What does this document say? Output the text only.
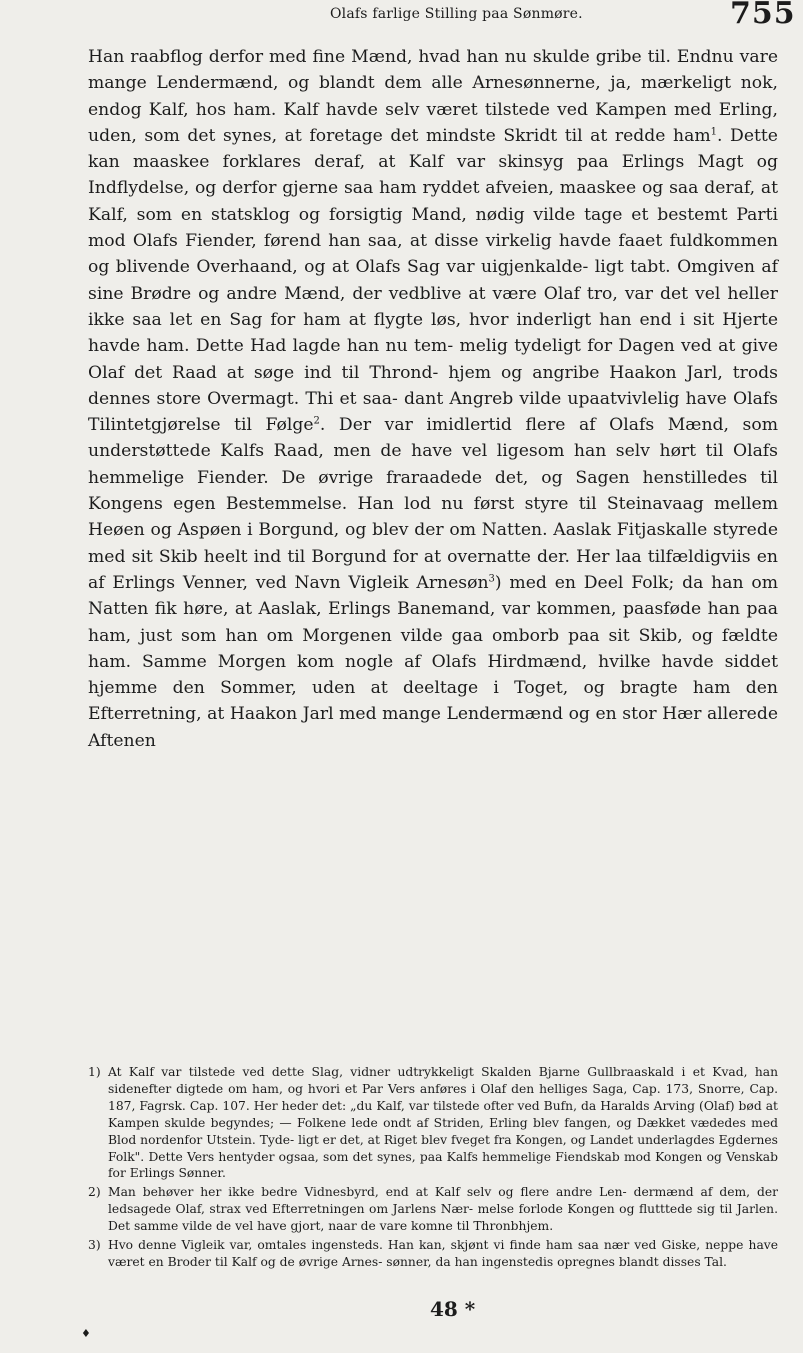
Olafs farlige Stilling paa Sønmøre.	755

Han raabflog derfor med fine Mænd, hvad han nu skulde gribe til. Endnu vare mange Lendermænd, og blandt dem alle Arnesønnerne, ja, mærkeligt nok, endog Kalf, hos ham. Kalf havde selv været tilstede ved Kampen med Erling, uden, som det synes, at foretage det mindste Skridt til at redde ham$^1$. Dette kan maaskee forklares deraf, at Kalf var skinsyg paa Erlings Magt og Indflydelse, og derfor gjerne saa ham ryddet afveien, maaskee og saa deraf, at Kalf, som en statsklog og forsigtig Mand, nødig vilde tage et bestemt Parti mod Olafs Fiender, førend han saa, at disse virkelig havde faaet fuldkommen og blivende Overhaand, og at Olafs Sag var uigjenkalde- ligt tabt. Omgiven af sine Brødre og andre Mænd, der vedblive at være Olaf tro, var det vel heller ikke saa let en Sag for ham at flygte løs, hvor inderligt han end i sit Hjerte havde ham. Dette Had lagde han nu tem- melig tydeligt for Dagen ved at give Olaf det Raad at søge ind til Thrond- hjem og angribe Haakon Jarl, trods dennes store Overmagt. Thi et saa- dant Angreb vilde upaatvivlelig have Olafs Tilintetgjørelse til Følge$^2$. Der var imidlertid flere af Olafs Mænd, som understøttede Kalfs Raad, men de have vel ligesom han selv hørt til Olafs hemmelige Fiender. De øvrige fraraadede det, og Sagen henstilledes til Kongens egen Bestemmelse. Han lod nu først styre til Steinavaag mellem Heøen og Aspøen i Borgund, og blev der om Natten. Aaslak Fitjaskalle styrede med sit Skib heelt ind til Borgund for at overnatte der. Her laa tilfældigviis en af Erlings Venner, ved Navn Vigleik Arnesøn$^3$) med en Deel Folk; da han om Natten fik høre, at Aaslak, Erlings Banemand, var kommen, paasføde han paa ham, just som han om Morgenen vilde gaa omborb paa sit Skib, og fældte ham. Samme Morgen kom nogle af Olafs Hirdmænd, hvilke havde siddet hjemme den Sommer, uden at deeltage i Toget, og bragte ham den Efterretning, at Haakon Jarl med mange Lendermænd og en stor Hær allerede Aftenen

1) At Kalf var tilstede ved dette Slag, vidner udtrykkeligt Skalden Bjarne Gullbraaskald i et Kvad, han sidenefter digtede om ham, og hvori et Par Vers anføres i Olaf den helliges Saga, Cap. 173, Snorre, Cap. 187, Fagrsk. Cap. 107. Her heder det: „du Kalf, var tilstede ofter ved Bufn, da Haralds Arving (Olaf) bød at Kampen skulde begyndes; — Folkene lede ondt af Striden, Erling blev fangen, og Dækket vædedes med Blod nordenfor Utstein. Tyde- ligt er det, at Riget blev fveget fra Kongen, og Landet underlagdes Egdernes Folk". Dette Vers hentyder ogsaa, som det synes, paa Kalfs hemmelige Fiendskab mod Kongen og Venskab for Erlings Sønner.

2) Man behøver her ikke bedre Vidnesbyrd, end at Kalf selv og flere andre Len- dermænd af dem, der ledsagede Olaf, strax ved Efterretningen om Jarlens Nær- melse forlode Kongen og flutttede sig til Jarlen. Det samme vilde de vel have gjort, naar de vare komne til Thronbhjem.

3) Hvo denne Vigleik var, omtales ingensteds. Han kan, skjønt vi finde ham saa nær ved Giske, neppe have været en Broder til Kalf og de øvrige Arnes- sønner, da han ingenstedis opregnes blandt disses Tal.

48 *
♦
